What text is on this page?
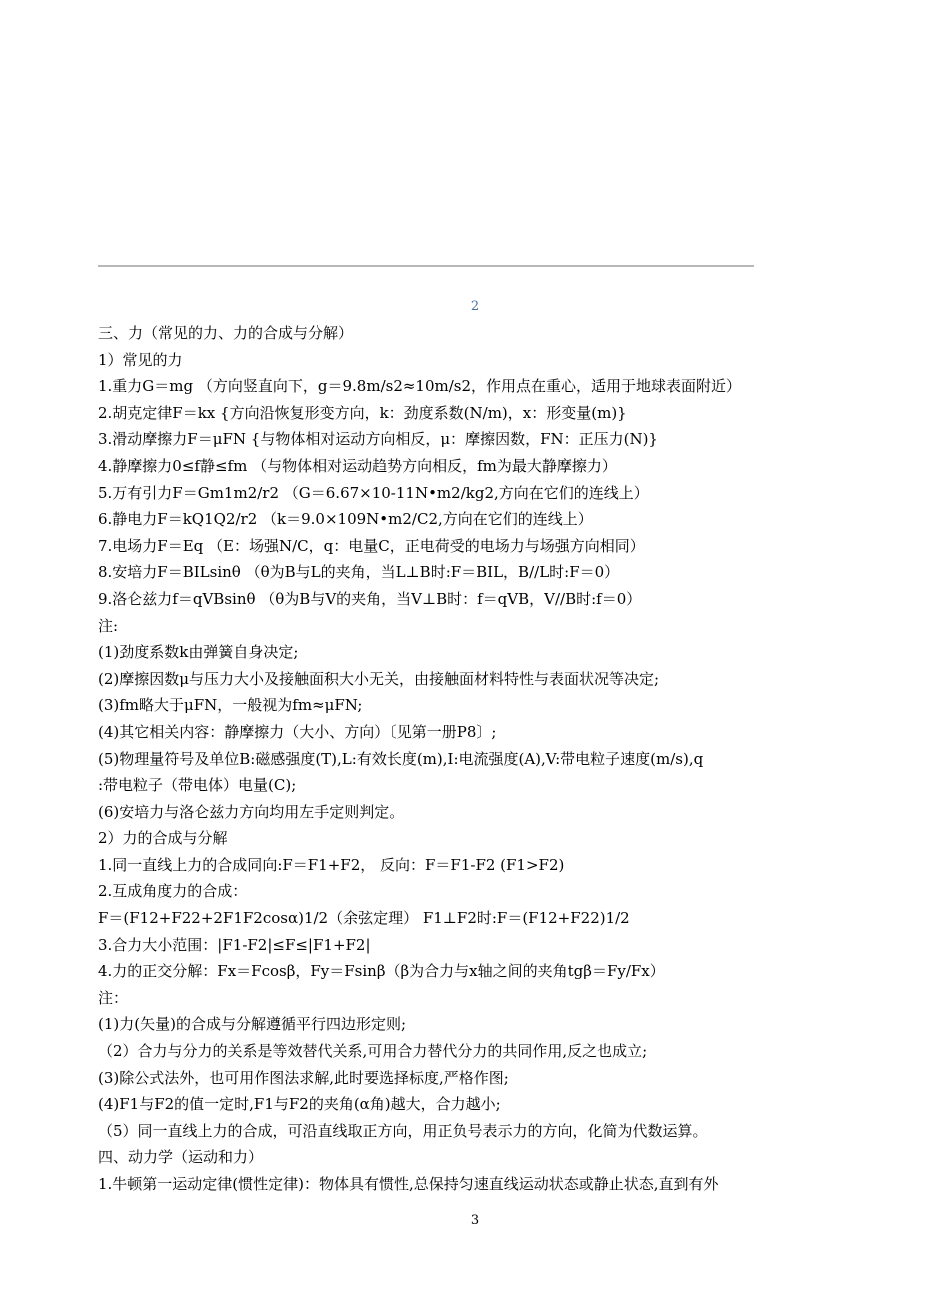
2
三、力（常见的力、力的合成与分解）
1）常见的力
1.重力G＝mg （方向竖直向下，g＝9.8m/s2≈10m/s2，作用点在重心，适用于地球表面附近）
2.胡克定律F＝kx {方向沿恢复形变方向，k：劲度系数(N/m)，x：形变量(m)}
3.滑动摩擦力F＝μFN {与物体相对运动方向相反，μ：摩擦因数，FN：正压力(N)}
4.静摩擦力0≤f静≤fm （与物体相对运动趋势方向相反，fm为最大静摩擦力）
5.万有引力F＝Gm1m2/r2 （G＝6.67×10-11N•m2/kg2,方向在它们的连线上）
6.静电力F＝kQ1Q2/r2 （k＝9.0×109N•m2/C2,方向在它们的连线上）
7.电场力F＝Eq （E：场强N/C，q：电量C，正电荷受的电场力与场强方向相同）
8.安培力F＝BILsinθ （θ为B与L的夹角，当L⊥B时:F＝BIL，B//L时:F＝0）
9.洛仑兹力f＝qVBsinθ （θ为B与V的夹角，当V⊥B时：f＝qVB，V//B时:f＝0）
注:
(1)劲度系数k由弹簧自身决定;
(2)摩擦因数μ与压力大小及接触面积大小无关，由接触面材料特性与表面状况等决定;
(3)fm略大于μFN，一般视为fm≈μFN;
(4)其它相关内容：静摩擦力（大小、方向）〔见第一册P8〕;
(5)物理量符号及单位B:磁感强度(T),L:有效长度(m),I:电流强度(A),V:带电粒子速度(m/s),q
:带电粒子（带电体）电量(C);
(6)安培力与洛仑兹力方向均用左手定则判定。
2）力的合成与分解
1.同一直线上力的合成同向:F＝F1+F2， 反向：F＝F1-F2 (F1>F2)
2.互成角度力的合成：
F＝(F12+F22+2F1F2cosα)1/2（余弦定理） F1⊥F2时:F＝(F12+F22)1/2
3.合力大小范围：|F1-F2|≤F≤|F1+F2|
4.力的正交分解：Fx＝Fcosβ，Fy＝Fsinβ（β为合力与x轴之间的夹角tgβ＝Fy/Fx）
注：
(1)力(矢量)的合成与分解遵循平行四边形定则;
（2）合力与分力的关系是等效替代关系,可用合力替代分力的共同作用,反之也成立;
(3)除公式法外，也可用作图法求解,此时要选择标度,严格作图;
(4)F1与F2的值一定时,F1与F2的夹角(α角)越大，合力越小;
（5）同一直线上力的合成，可沿直线取正方向，用正负号表示力的方向，化简为代数运算。
四、动力学（运动和力）
1.牛顿第一运动定律(惯性定律)：物体具有惯性,总保持匀速直线运动状态或静止状态,直到有外
3
